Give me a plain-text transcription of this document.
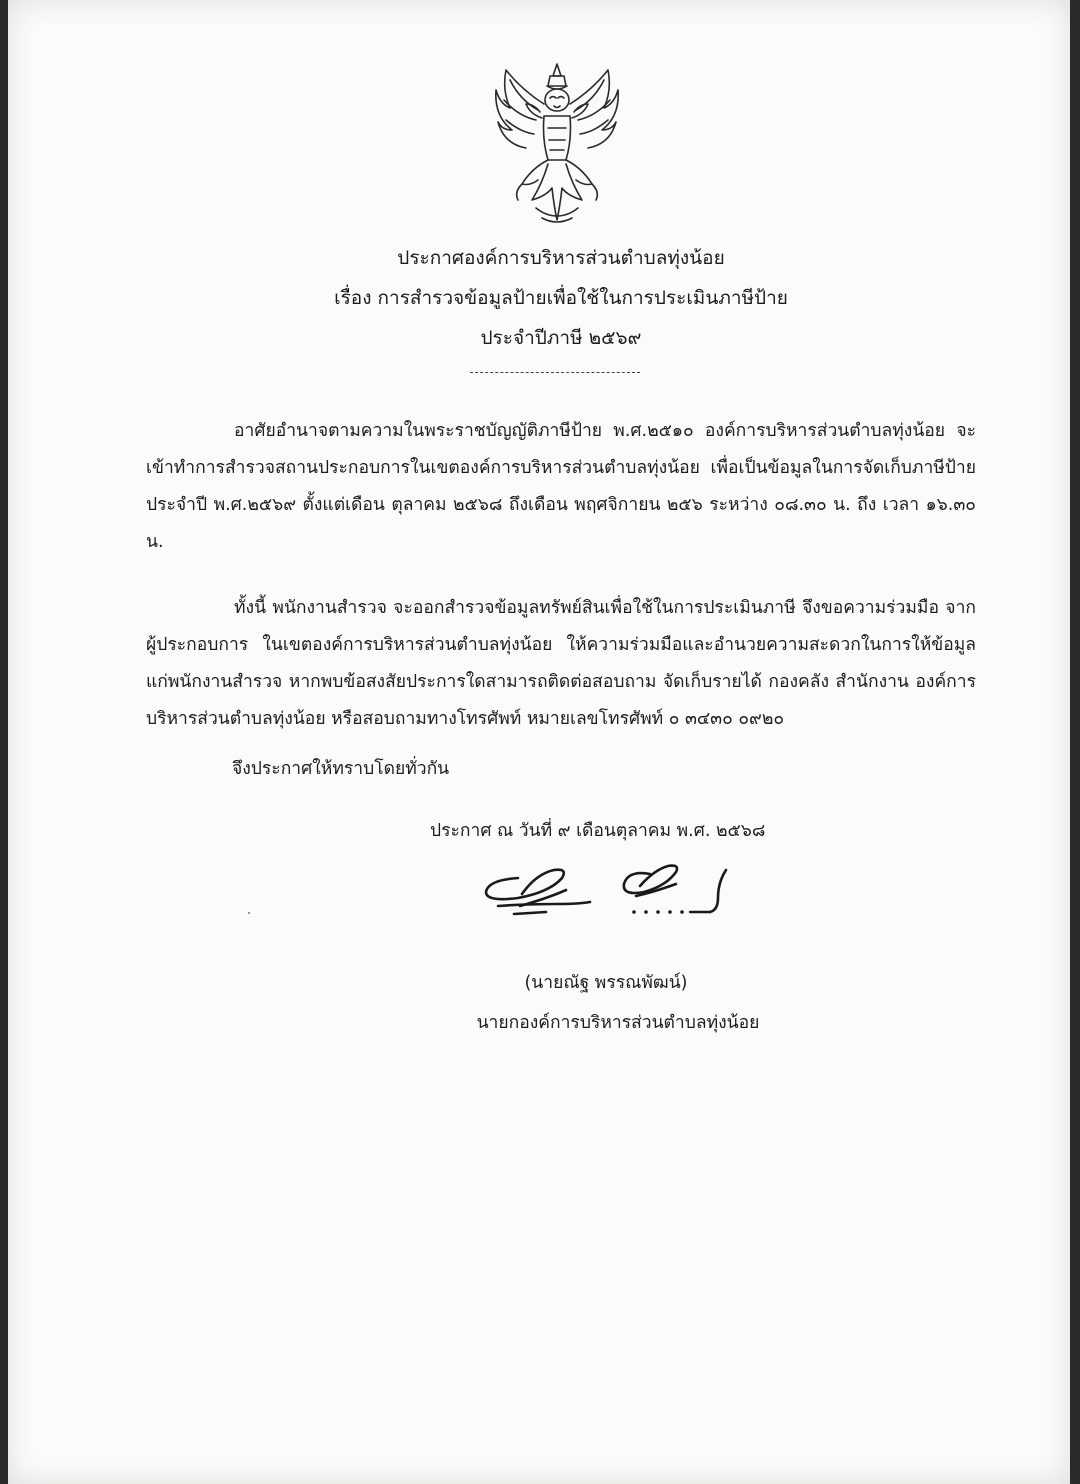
ประกาศองค์การบริหารส่วนตำบลทุ่งน้อย
เรื่อง การสำรวจข้อมูลป้ายเพื่อใช้ในการประเมินภาษีป้าย
ประจำปีภาษี ๒๕๖๙

อาศัยอำนาจตามความในพระราชบัญญัติภาษีป้าย พ.ศ.๒๕๑๐ องค์การบริหารส่วนตำบลทุ่งน้อย จะเข้าทำการสำรวจสถานประกอบการในเขตองค์การบริหารส่วนตำบลทุ่งน้อย เพื่อเป็นข้อมูลในการจัดเก็บภาษีป้ายประจำปี พ.ศ.๒๕๖๙ ตั้งแต่เดือน ตุลาคม ๒๕๖๘ ถึงเดือน พฤศจิกายน ๒๕๖ ระหว่าง ๐๘.๓๐ น. ถึง เวลา ๑๖.๓๐ น.

ทั้งนี้ พนักงานสำรวจ จะออกสำรวจข้อมูลทรัพย์สินเพื่อใช้ในการประเมินภาษี จึงขอความร่วมมือ จากผู้ประกอบการ ในเขตองค์การบริหารส่วนตำบลทุ่งน้อย ให้ความร่วมมือและอำนวยความสะดวกในการให้ข้อมูล แก่พนักงานสำรวจ หากพบข้อสงสัยประการใดสามารถติดต่อสอบถาม จัดเก็บรายได้ กองคลัง สำนักงาน องค์การบริหารส่วนตำบลทุ่งน้อย หรือสอบถามทางโทรศัพท์ หมายเลขโทรศัพท์ ๐ ๓๔๓๐ ๐๙๒๐

จึงประกาศให้ทราบโดยทั่วกัน
ประกาศ ณ วันที่ ๙ เดือนตุลาคม พ.ศ. ๒๕๖๘
(นายณัฐ พรรณพัฒน์)
นายกองค์การบริหารส่วนตำบลทุ่งน้อย
